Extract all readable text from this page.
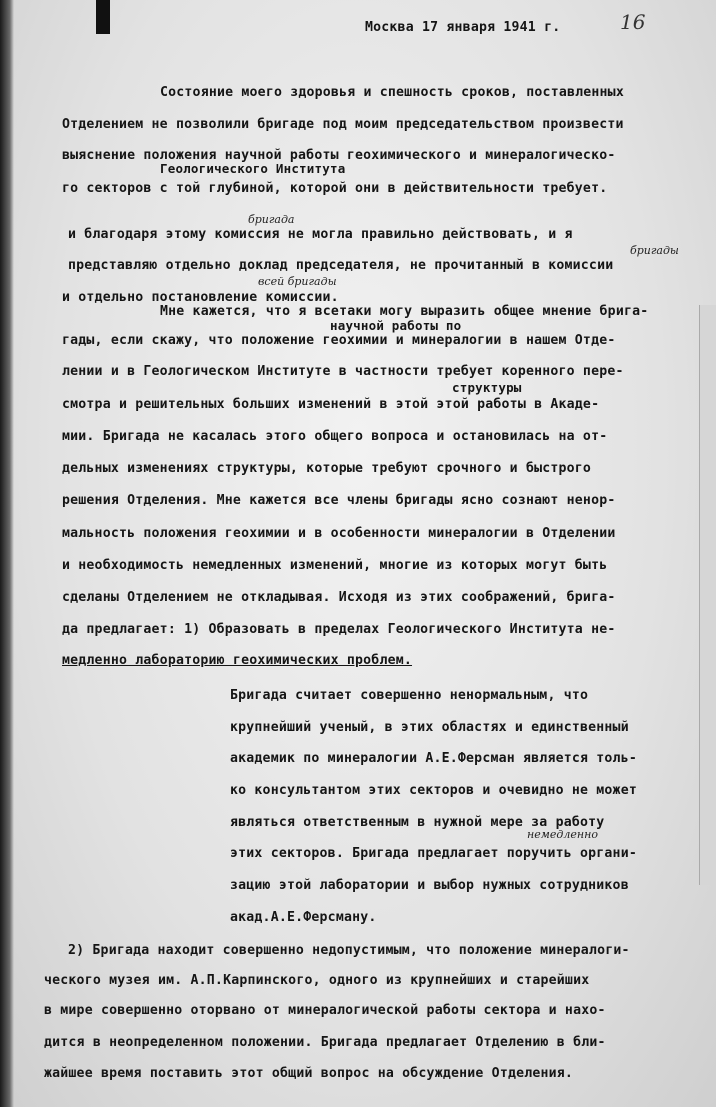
Москва 17 января 1941 г.	16
Геологического Института
бригада
бригады
всей бригады
научной работы по
структуры
немедленно
Состояние моего здоровья и спешность сроков, поставленных
Отделением не позволили бригаде под моим председательством произвести
выяснение положения научной работы геохимического и минералогическо-
го секторов с той глубиной, которой они в действительности требует.
и благодаря этому комиссия не могла правильно действовать, и я
представляю отдельно доклад председателя, не прочитанный в комиссии
и отдельно постановление комиссии.
Мне кажется, что я всетаки могу выразить общее мнение брига-
гады, если скажу, что положение геохимии и минералогии в нашем Отде-
лении и в Геологическом Институте в частности требует коренного пере-
смотра и решительных больших изменений в этой этой работы в Акаде-
мии. Бригада не касалась этого общего вопроса и остановилась на от-
дельных изменениях структуры, которые требуют срочного и быстрого
решения Отделения. Мне кажется все члены бригады ясно сознают ненор-
мальность положения геохимии и в особенности минералогии в Отделении
и необходимость немедленных изменений, многие из которых могут быть
сделаны Отделением не откладывая. Исходя из этих соображений, брига-
да предлагает: 1) Образовать в пределах Геологического Института не-
медленно лабораторию геохимических проблем.
Бригада считает совершенно ненормальным, что
крупнейший ученый, в этих областях и единственный
академик по минералогии А.Е.Ферсман является толь-
ко консультантом этих секторов и очевидно не может
являться ответственным в нужной мере за работу
этих секторов. Бригада предлагает поручить органи-
зацию этой лаборатории и выбор нужных сотрудников
акад.А.Е.Ферсману.
2) Бригада находит совершенно недопустимым, что положение минералоги-
ческого музея им. А.П.Карпинского, одного из крупнейших и старейших
в мире совершенно оторвано от минералогической работы сектора и нахо-
дится в неопределенном положении. Бригада предлагает Отделению в бли-
жайшее время поставить этот общий вопрос на обсуждение Отделения.
